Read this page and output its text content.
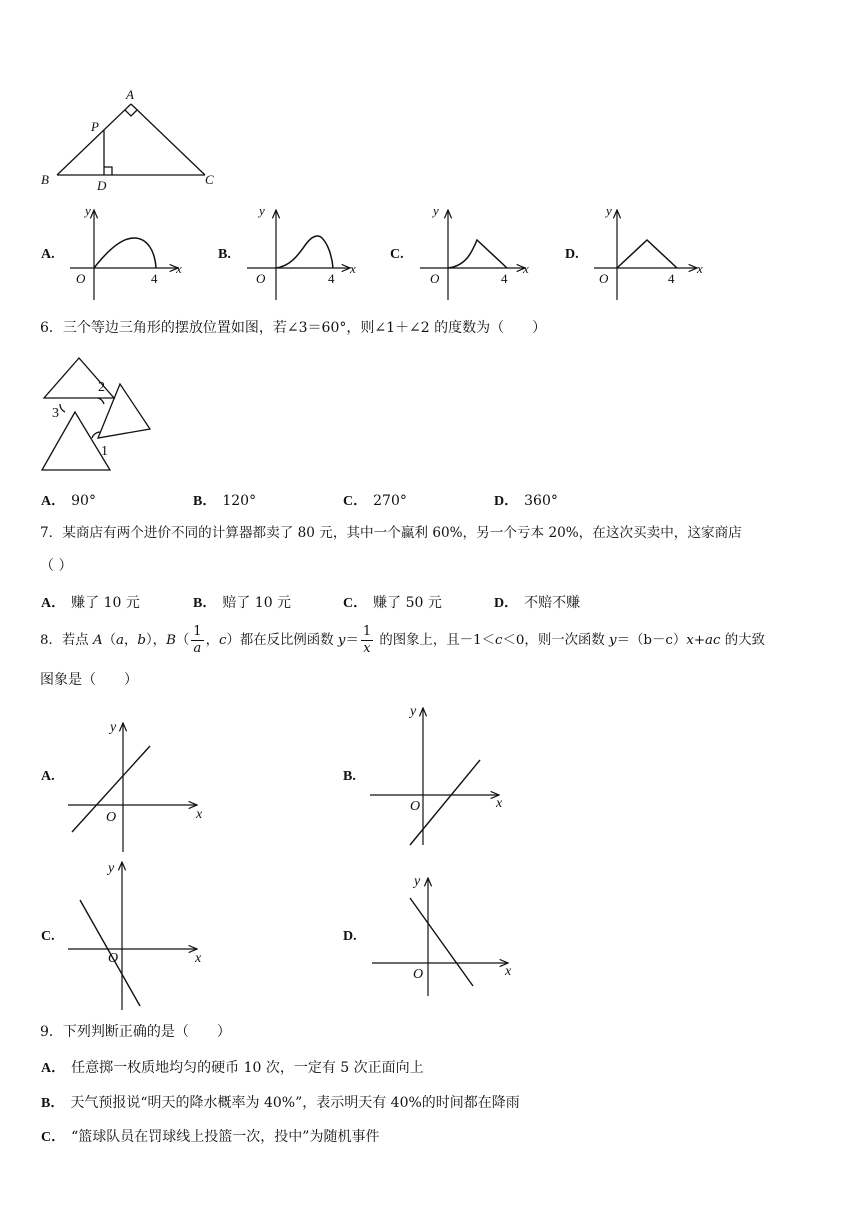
A
P
B	D	C
A.	B.	C.	D.
y
x
O	4
y
x
O	4
y
x
O	4
y
x
O	4
6．三个等边三角形的摆放位置如图，若∠3＝60°，则∠1＋∠2 的度数为（　　）
2
3
1
A． 90°	B． 120°	C． 270°	D． 360°
7．某商店有两个进价不同的计算器都卖了 80 元，其中一个赢利 60%，另一个亏本 20%，在这次买卖中，这家商店
（ ）
A． 赚了 10 元	B． 赔了 10 元	C． 赚了 50 元	D． 不赔不赚
8．若点 A（a，b），$B( \frac{1}{a}$ ，c）都在反比例函数 $y= \frac{1}{x}$ 的图象上，且－1＜c＜0，则一次函数 y＝（b－c）x+ac 的大致
图象是（　　）
A.	B.
C.	D.
y
x
O
y
x
O
y
x
O
y
x
O
9．下列判断正确的是（　　）
A． 任意掷一枚质地均匀的硬币 10 次，一定有 5 次正面向上
B． 天气预报说“明天的降水概率为 40%”，表示明天有 40%的时间都在降雨
C． “篮球队员在罚球线上投篮一次，投中”为随机事件
